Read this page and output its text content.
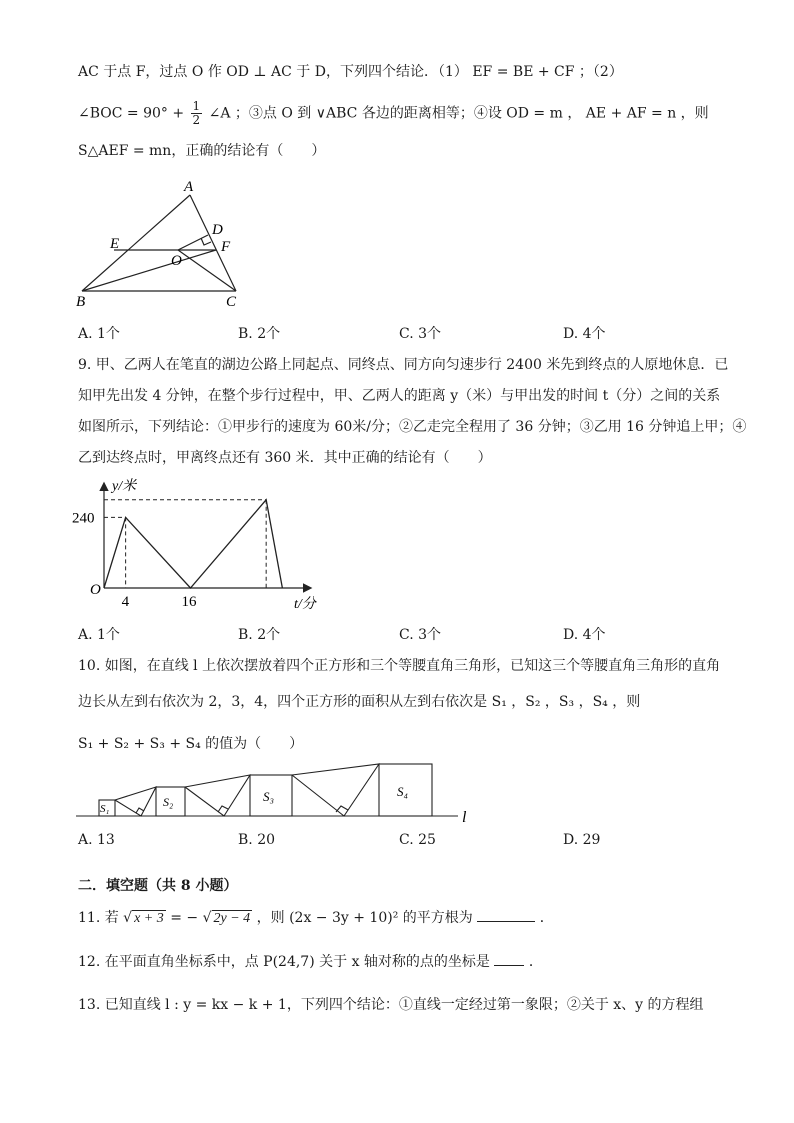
AC 于点 F，过点 O 作 OD ⊥ AC 于 D，下列四个结论．（1） EF = BE + CF ；（2）
∠BOC = $90^\circ + \frac{1}{2}$ ∠A ；③点 O 到 ∨ABC 各边的距离相等；④设 OD = m ， AE + AF = n ，则
S△AEF = mn，正确的结论有（　　）
A
D
E	F
O
B	C
A. 1个	B. 2个	C. 3个	D. 4个
9. 甲、乙两人在笔直的湖边公路上同起点、同终点、同方向匀速步行 2400 米先到终点的人原地休息．已
知甲先出发 4 分钟，在整个步行过程中，甲、乙两人的距离 y（米）与甲出发的时间 t（分）之间的关系
如图所示，下列结论：①甲步行的速度为 60米/分；②乙走完全程用了 36 分钟；③乙用 16 分钟追上甲；④
乙到达终点时，甲离终点还有 360 米．其中正确的结论有（　　）
y/米
t/分
O
4	16
240
A. 1个	B. 2个	C. 3个	D. 4个
10. 如图，在直线 l 上依次摆放着四个正方形和三个等腰直角三角形，已知这三个等腰直角三角形的直角
边长从左到右依次为 2，3，4，四个正方形的面积从左到右依次是 S₁ ，S₂ ，S₃ ，S₄ ，则
S₁ + S₂ + S₃ + S₄ 的值为（　　）
S₁	S₂	S₃	S₄
l
A. 13	B. 20	C. 25	D. 29
二．填空题（共 8 小题）
11. 若 √ x + 3 = − √ 2y − 4 ，则 (2x − 3y + 10)² 的平方根为	．
12. 在平面直角坐标系中，点 P(24,7) 关于 x 轴对称的点的坐标是	．
13. 已知直线 l : y = kx − k + 1，下列四个结论：①直线一定经过第一象限；②关于 x、y 的方程组
